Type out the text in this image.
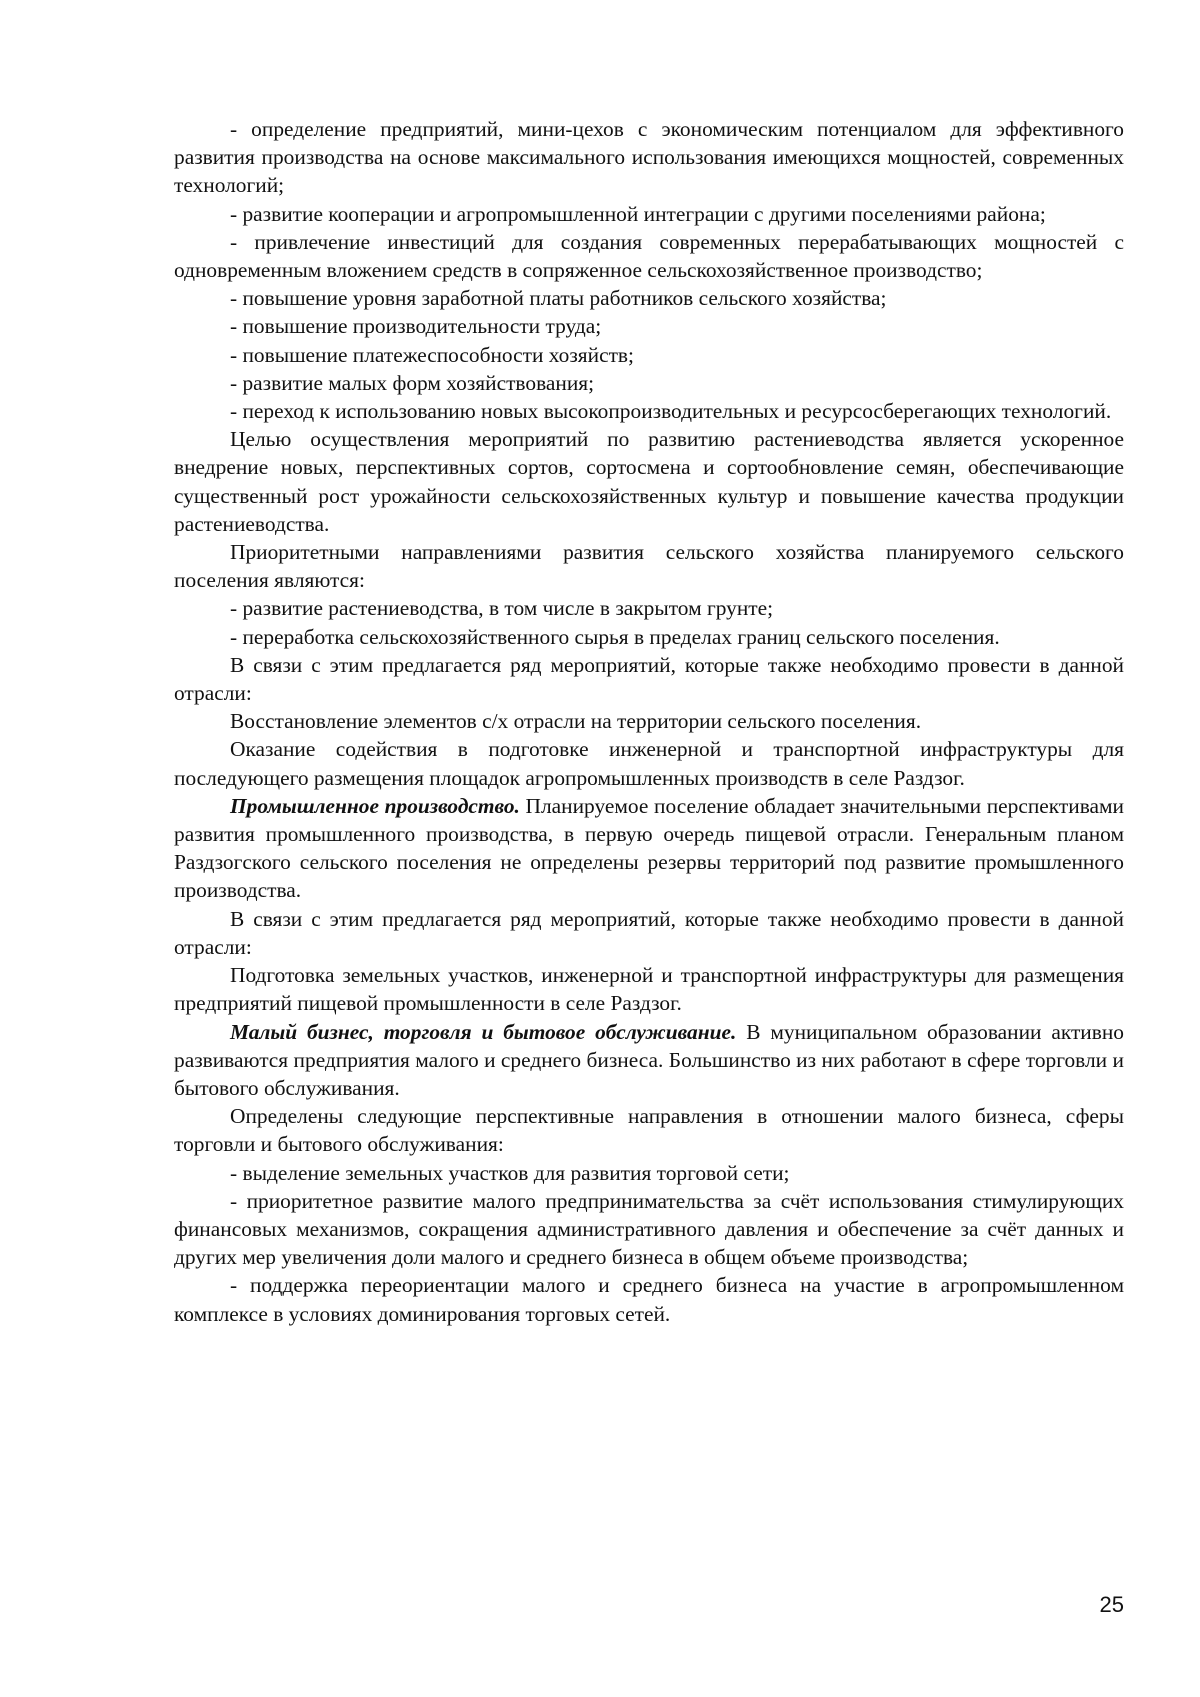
- определение предприятий, мини-цехов с экономическим потенциалом для эффективного развития производства на основе максимального использования имеющихся мощностей, современных технологий;

- развитие кооперации и агропромышленной интеграции с другими поселениями района;

- привлечение инвестиций для создания современных перерабатывающих мощностей с одновременным вложением средств в сопряженное сельскохозяйственное производство;

- повышение уровня заработной платы работников сельского хозяйства;

- повышение производительности труда;

- повышение платежеспособности хозяйств;

- развитие малых форм хозяйствования;

- переход к использованию новых высокопроизводительных и ресурсосберегающих технологий.

Целью осуществления мероприятий по развитию растениеводства является ускоренное внедрение новых, перспективных сортов, сортосмена и сортообновление семян, обеспечивающие существенный рост урожайности сельскохозяйственных культур и повышение качества продукции растениеводства.

Приоритетными направлениями развития сельского хозяйства планируемого сельского поселения являются:

- развитие растениеводства, в том числе в закрытом грунте;

- переработка сельскохозяйственного сырья в пределах границ сельского поселения.

В связи с этим предлагается ряд мероприятий, которые также необходимо провести в данной отрасли:

Восстановление элементов с/х отрасли на территории сельского поселения.

Оказание содействия в подготовке инженерной и транспортной инфраструктуры для последующего размещения площадок агропромышленных производств в селе Раздзог.

Промышленное производство. Планируемое поселение обладает значительными перспективами развития промышленного производства, в первую очередь пищевой отрасли. Генеральным планом Раздзогского сельского поселения не определены резервы территорий под развитие промышленного производства.

В связи с этим предлагается ряд мероприятий, которые также необходимо провести в данной отрасли:

Подготовка земельных участков, инженерной и транспортной инфраструктуры для размещения предприятий пищевой промышленности в селе Раздзог.

Малый бизнес, торговля и бытовое обслуживание. В муниципальном образовании активно развиваются предприятия малого и среднего бизнеса. Большинство из них работают в сфере торговли и бытового обслуживания.

Определены следующие перспективные направления в отношении малого бизнеса, сферы торговли и бытового обслуживания:

- выделение земельных участков для развития торговой сети;

- приоритетное развитие малого предпринимательства за счёт использования стимулирующих финансовых механизмов, сокращения административного давления и обеспечение за счёт данных и других мер увеличения доли малого и среднего бизнеса в общем объеме производства;

- поддержка переориентации малого и среднего бизнеса на участие в агропромышленном комплексе в условиях доминирования торговых сетей.

25
